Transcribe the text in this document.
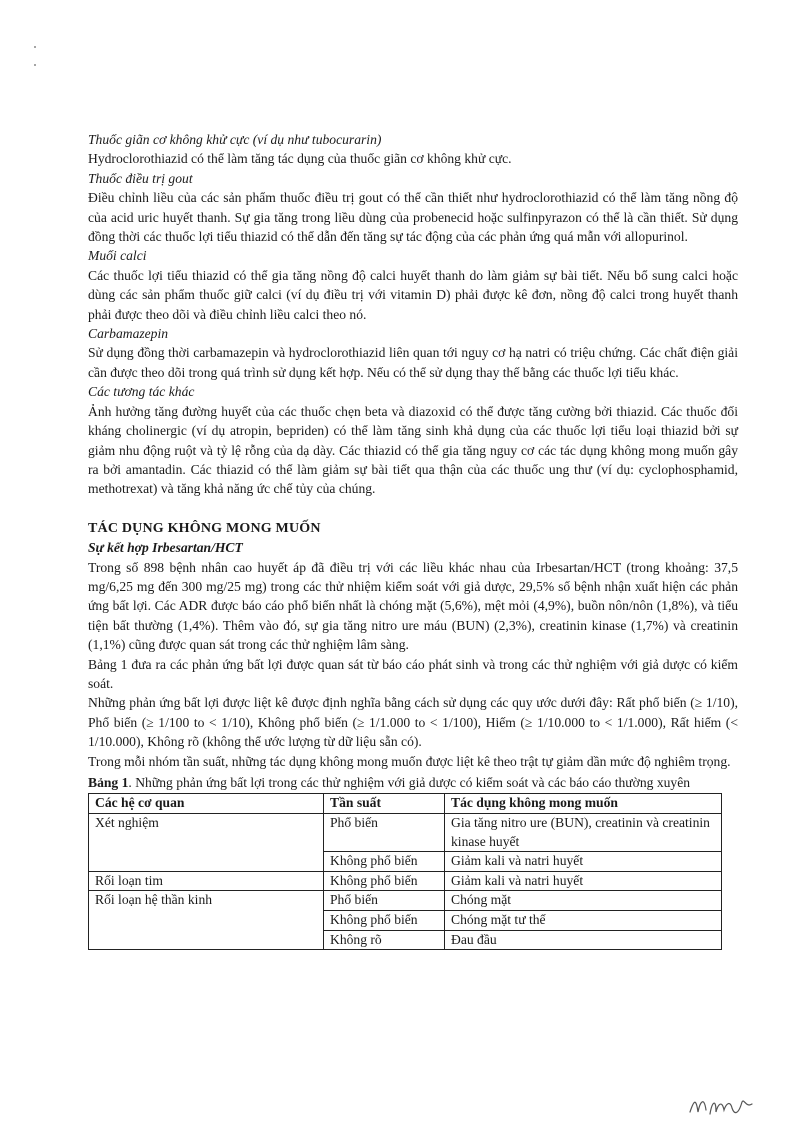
Thuốc giãn cơ không khử cực (ví dụ như tubocurarin)

Hydroclorothiazid có thể làm tăng tác dụng của thuốc giãn cơ không khử cực.

Thuốc điều trị gout

Điều chỉnh liều của các sản phẩm thuốc điều trị gout có thể cần thiết như hydroclorothiazid có thể làm tăng nồng độ của acid uric huyết thanh. Sự gia tăng trong liều dùng của probenecid hoặc sulfinpyrazon có thể là cần thiết. Sử dụng đồng thời các thuốc lợi tiểu thiazid có thể dẫn đến tăng sự tác động của các phản ứng quá mẫn với allopurinol.

Muối calci

Các thuốc lợi tiểu thiazid có thể gia tăng nồng độ calci huyết thanh do làm giảm sự bài tiết. Nếu bổ sung calci hoặc dùng các sản phẩm thuốc giữ calci (ví dụ điều trị với vitamin D) phải được kê đơn, nồng độ calci trong huyết thanh phải được theo dõi và điều chỉnh liều calci theo nó.

Carbamazepin

Sử dụng đồng thời carbamazepin và hydroclorothiazid liên quan tới nguy cơ hạ natri có triệu chứng. Các chất điện giải cần được theo dõi trong quá trình sử dụng kết hợp. Nếu có thể sử dụng thay thế bằng các thuốc lợi tiểu khác.

Các tương tác khác

Ảnh hưởng tăng đường huyết của các thuốc chẹn beta và diazoxid có thể được tăng cường bởi thiazid. Các thuốc đối kháng cholinergic (ví dụ atropin, bepriden) có thể làm tăng sinh khả dụng của các thuốc lợi tiểu loại thiazid bởi sự giảm nhu động ruột và tỷ lệ rỗng của dạ dày. Các thiazid có thể gia tăng nguy cơ các tác dụng không mong muốn gây ra bởi amantadin. Các thiazid có thể làm giảm sự bài tiết qua thận của các thuốc ung thư (ví dụ: cyclophosphamid, methotrexat) và tăng khả năng ức chế tủy của chúng.

TÁC DỤNG KHÔNG MONG MUỐN

Sự kết hợp Irbesartan/HCT

Trong số 898 bệnh nhân cao huyết áp đã điều trị với các liều khác nhau của Irbesartan/HCT (trong khoảng: 37,5 mg/6,25 mg đến 300 mg/25 mg) trong các thử nhiệm kiểm soát với giả dược, 29,5% số bệnh nhận xuất hiện các phản ứng bất lợi. Các ADR được báo cáo phổ biến nhất là chóng mặt (5,6%), mệt mỏi (4,9%), buồn nôn/nôn (1,8%), và tiểu tiện bất thường (1,4%). Thêm vào đó, sự gia tăng nitro ure máu (BUN) (2,3%), creatinin kinase (1,7%) và creatinin (1,1%) cũng được quan sát trong các thử nghiệm lâm sàng.

Bảng 1 đưa ra các phản ứng bất lợi được quan sát từ báo cáo phát sinh và trong các thử nghiệm với giả dược có kiểm soát.

Những phản ứng bất lợi được liệt kê được định nghĩa bằng cách sử dụng các quy ước dưới đây: Rất phổ biến (≥ 1/10), Phổ biến (≥ 1/100 to < 1/10), Không phổ biến (≥ 1/1.000 to < 1/100), Hiếm (≥ 1/10.000 to < 1/1.000), Rất hiếm (< 1/10.000), Không rõ (không thể ước lượng từ dữ liệu sẵn có).

Trong mỗi nhóm tần suất, những tác dụng không mong muốn được liệt kê theo trật tự giảm dần mức độ nghiêm trọng.

Bảng 1. Những phản ứng bất lợi trong các thử nghiệm với giả dược có kiểm soát và các báo cáo thường xuyên

Các hệ cơ quan	Tần suất	Tác dụng không mong muốn
Xét nghiệm	Phổ biến	Gia tăng nitro ure (BUN), creatinin và creatinin kinase huyết
	Không phổ biến	Giảm kali và natri huyết
Rối loạn tim	Không phổ biến	Giảm kali và natri huyết
Rối loạn hệ thần kinh	Phổ biến	Chóng mặt
	Không phổ biến	Chóng mặt tư thế
	Không rõ	Đau đầu
